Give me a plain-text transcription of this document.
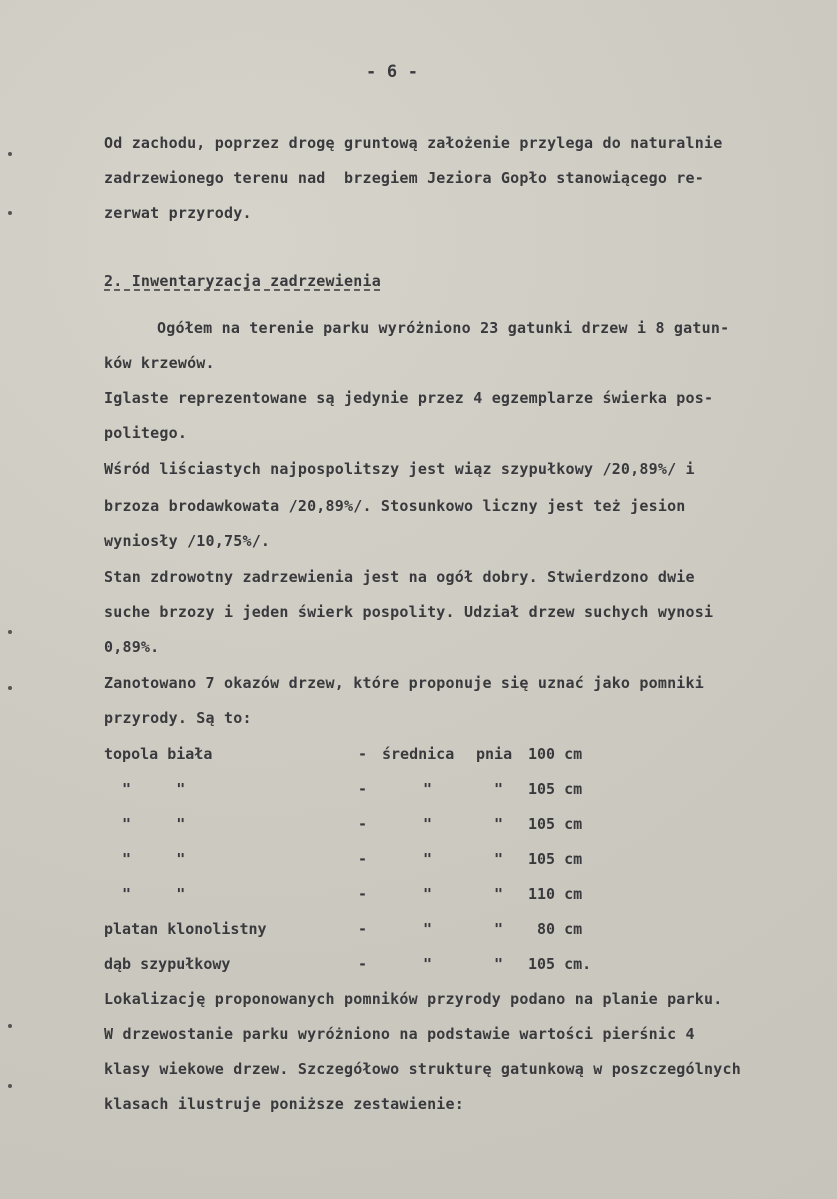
- 6 -
Od zachodu, poprzez drogę gruntową założenie przylega do naturalnie
zadrzewionego terenu nad  brzegiem Jeziora Gopło stanowiącego re-
zerwat przyrody.
2. Inwentaryzacja zadrzewienia
Ogółem na terenie parku wyróżniono 23 gatunki drzew i 8 gatun-
ków krzewów.
Iglaste reprezentowane są jedynie przez 4 egzemplarze świerka pos-
politego.
Wśród liściastych najpospolitszy jest wiąz szypułkowy /20,89%/ i
brzoza brodawkowata /20,89%/. Stosunkowo liczny jest też jesion
wyniosły /10,75%/.
Stan zdrowotny zadrzewienia jest na ogół dobry. Stwierdzono dwie
suche brzozy i jeden świerk pospolity. Udział drzew suchych wynosi
0,89%.
Zanotowano 7 okazów drzew, które proponuje się uznać jako pomniki
przyrody. Są to:
topola biała	- średnica pnia 100 cm
"     "	-	"	" 105 cm
"     "	-	"	" 105 cm
"     "	-	"	" 105 cm
"     "	-	"	" 110 cm
platan klonolistny	-	"	" 80 cm
dąb szypułkowy	-	"	" 105 cm.
Lokalizację proponowanych pomników przyrody podano na planie parku.
W drzewostanie parku wyróżniono na podstawie wartości pierśnic 4
klasy wiekowe drzew. Szczegółowo strukturę gatunkową w poszczególnych
klasach ilustruje poniższe zestawienie:
